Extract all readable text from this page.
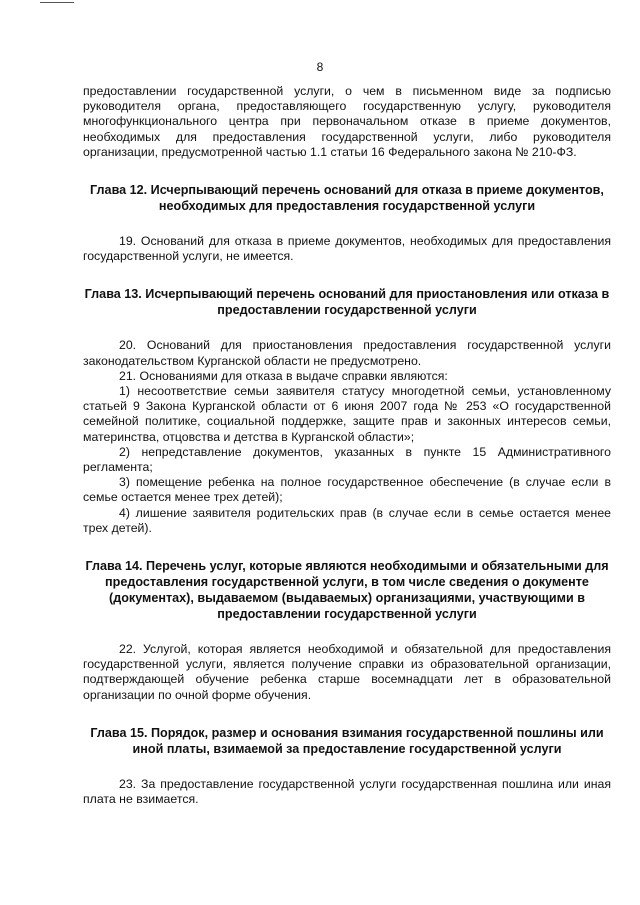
8

предоставлении государственной услуги, о чем в письменном виде за подписью руководителя органа, предоставляющего государственную услугу, руководителя многофункционального центра при первоначальном отказе в приеме документов, необходимых для предоставления государственной услуги, либо руководителя организации, предусмотренной частью 1.1 статьи 16 Федерального закона № 210-ФЗ.

Глава 12. Исчерпывающий перечень оснований для отказа в приеме документов, необходимых для предоставления государственной услуги

19. Оснований для отказа в приеме документов, необходимых для предоставления государственной услуги, не имеется.

Глава 13. Исчерпывающий перечень оснований для приостановления или отказа в предоставлении государственной услуги

20. Оснований для приостановления предоставления государственной услуги законодательством Курганской области не предусмотрено.

21. Основаниями для отказа в выдаче справки являются:

1) несоответствие семьи заявителя статусу многодетной семьи, установленному статьей 9 Закона Курганской области от 6 июня 2007 года № 253 «О государственной семейной политике, социальной поддержке, защите прав и законных интересов семьи, материнства, отцовства и детства в Курганской области»;

2) непредставление документов, указанных в пункте 15 Административного регламента;

3) помещение ребенка на полное государственное обеспечение (в случае если в семье остается менее трех детей);

4) лишение заявителя родительских прав (в случае если в семье остается менее трех детей).

Глава 14. Перечень услуг, которые являются необходимыми и обязательными для предоставления государственной услуги, в том числе сведения о документе (документах), выдаваемом (выдаваемых) организациями, участвующими в предоставлении государственной услуги

22. Услугой, которая является необходимой и обязательной для предоставления государственной услуги, является получение справки из образовательной организации, подтверждающей обучение ребенка старше восемнадцати лет в образовательной организации по очной форме обучения.

Глава 15. Порядок, размер и основания взимания государственной пошлины или иной платы, взимаемой за предоставление государственной услуги

23. За предоставление государственной услуги государственная пошлина или иная плата не взимается.
